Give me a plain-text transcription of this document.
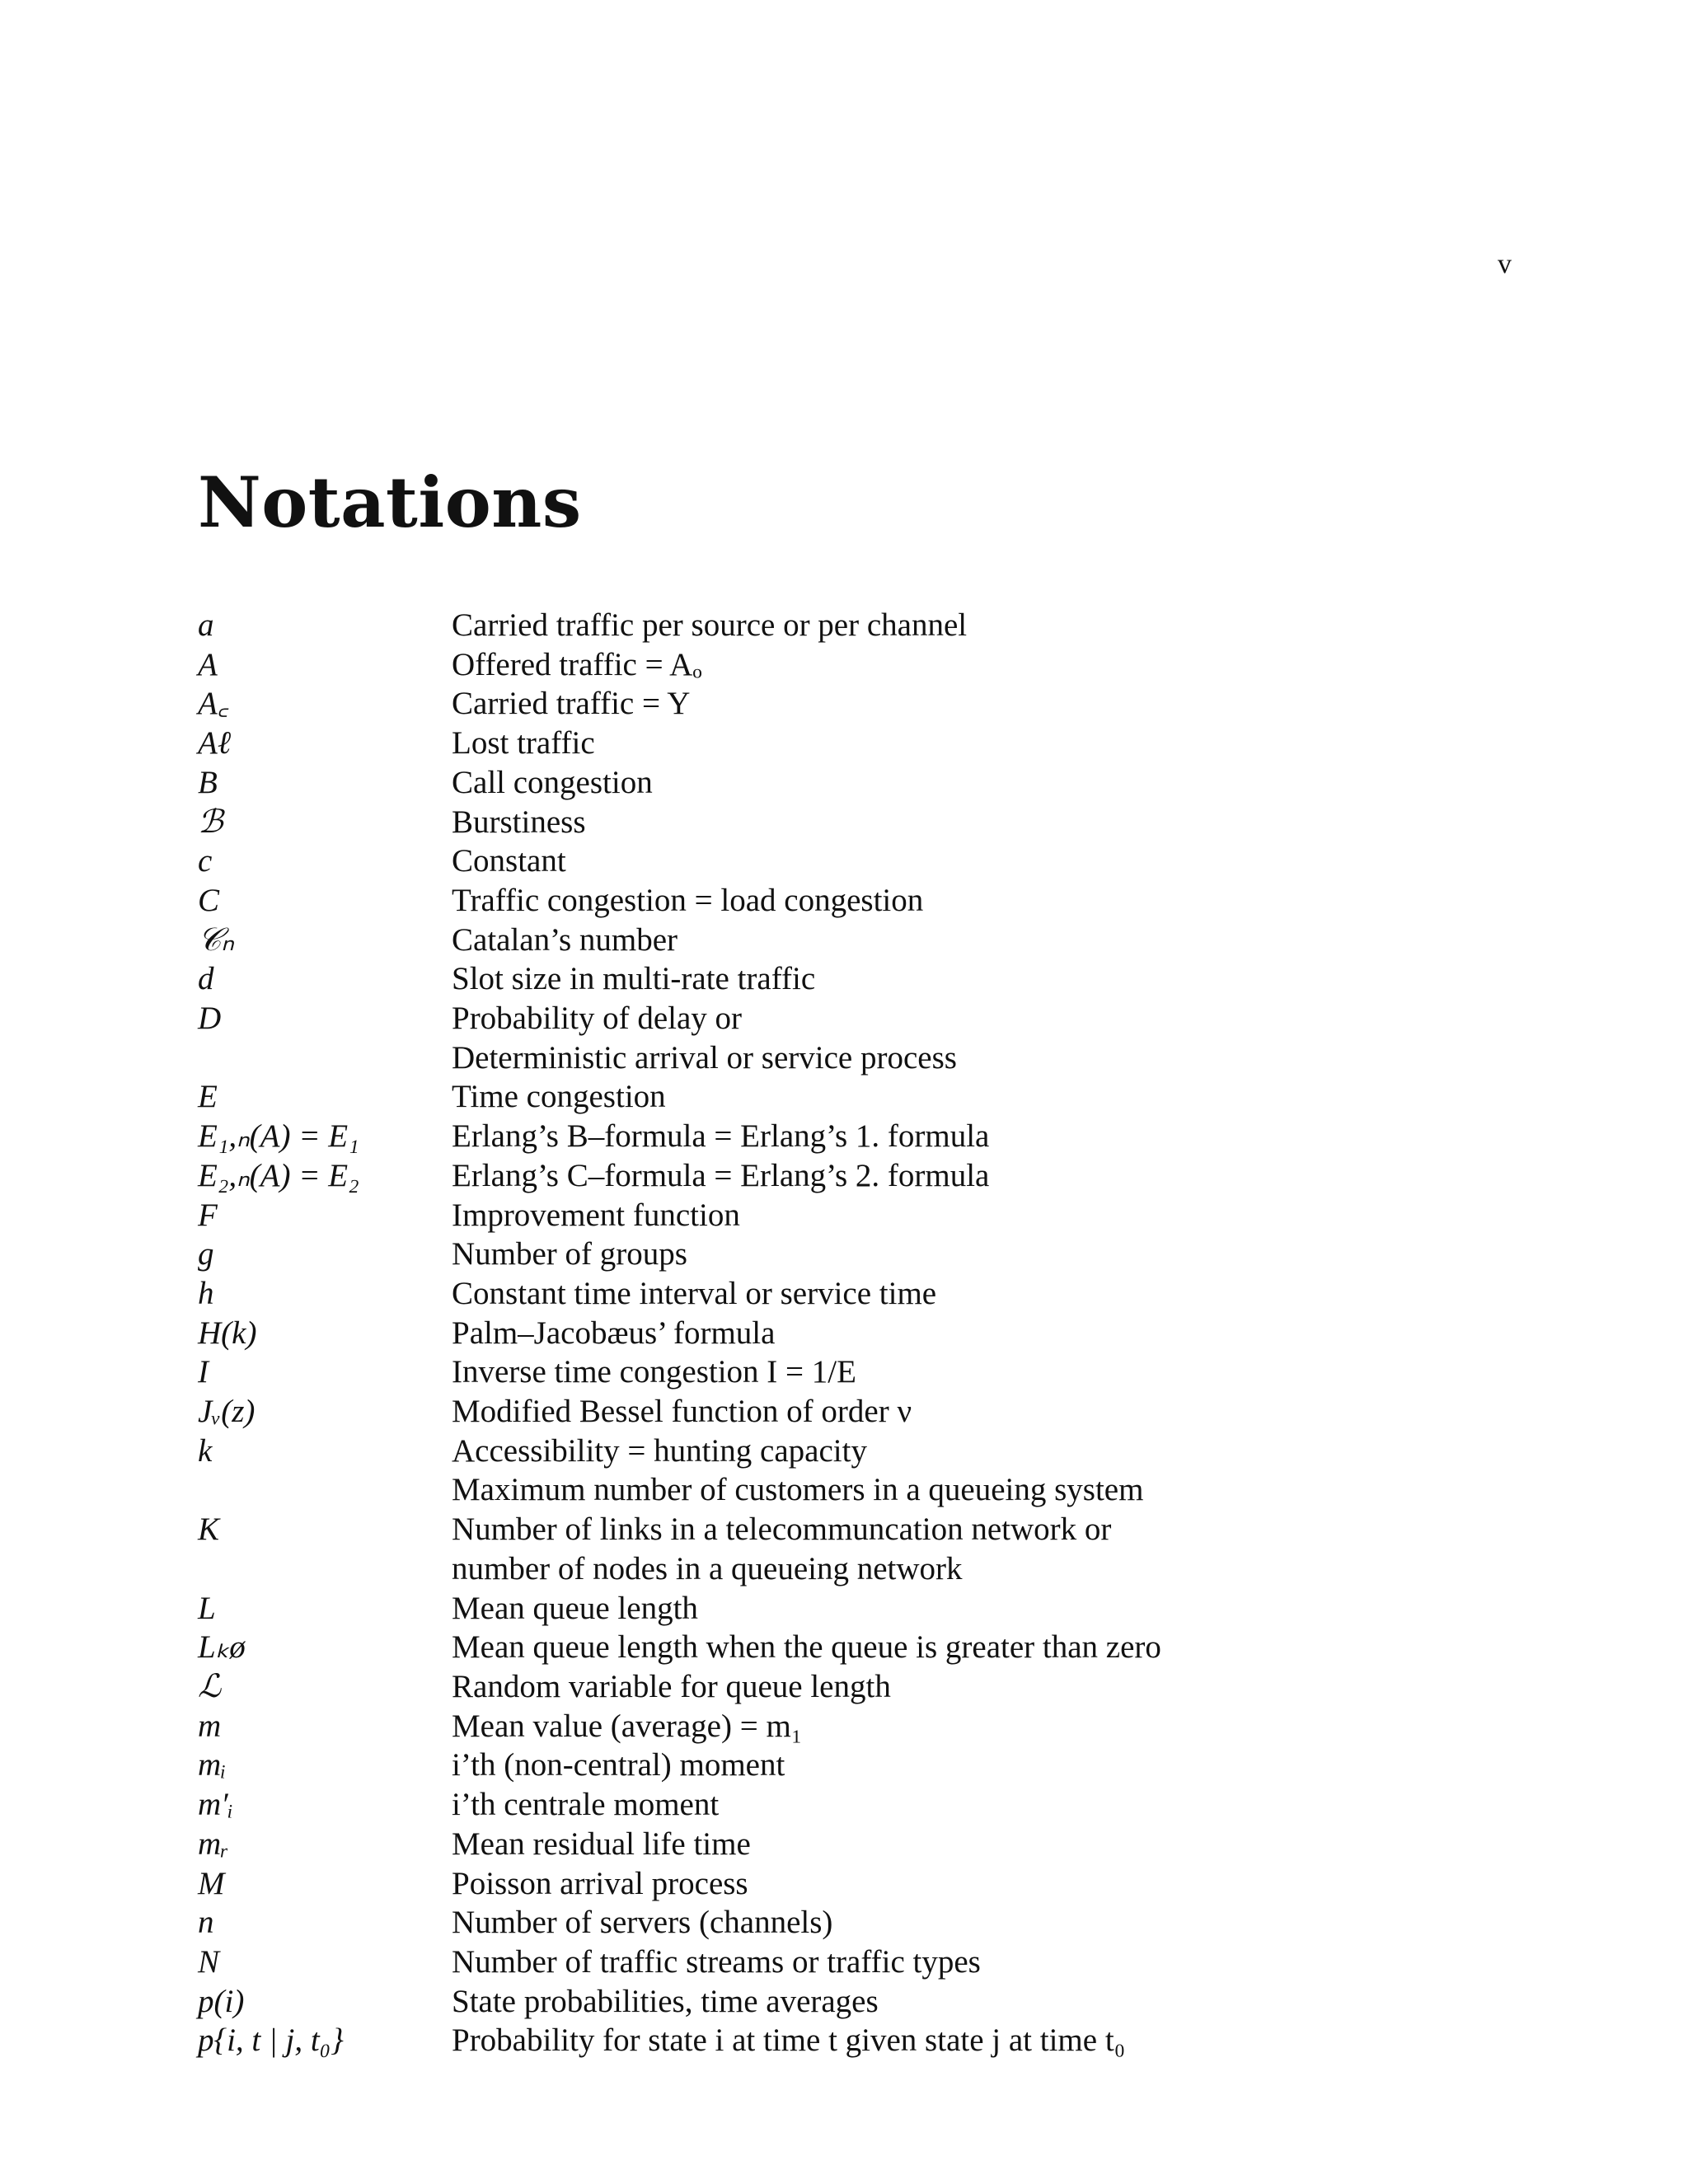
v
Notations
a	Carried traffic per source or per channel
A	Offered traffic = Aₒ
A꜀	Carried traffic = Y
Aℓ	Lost traffic
B	Call congestion
ℬ	Burstiness
c	Constant
C	Traffic congestion = load congestion
𝒞ₙ	Catalan’s number
d	Slot size in multi-rate traffic
D	Probability of delay or
Deterministic arrival or service process
E	Time congestion
E₁,ₙ(A) = E₁	Erlang’s B–formula = Erlang’s 1. formula
E₂,ₙ(A) = E₂	Erlang’s C–formula = Erlang’s 2. formula
F	Improvement function
g	Number of groups
h	Constant time interval or service time
H(k)	Palm–Jacobæus’ formula
I	Inverse time congestion I = 1/E
Jᵥ(z)	Modified Bessel function of order ν
k	Accessibility = hunting capacity
Maximum number of customers in a queueing system
K	Number of links in a telecommuncation network or
number of nodes in a queueing network
L	Mean queue length
Lₖø	Mean queue length when the queue is greater than zero
ℒ	Random variable for queue length
m	Mean value (average) = m₁
mᵢ	i’th (non-central) moment
m′ᵢ	i’th centrale moment
mᵣ	Mean residual life time
M	Poisson arrival process
n	Number of servers (channels)
N	Number of traffic streams or traffic types
p(i)	State probabilities, time averages
p{i, t | j, t₀}	Probability for state i at time t given state j at time t₀
